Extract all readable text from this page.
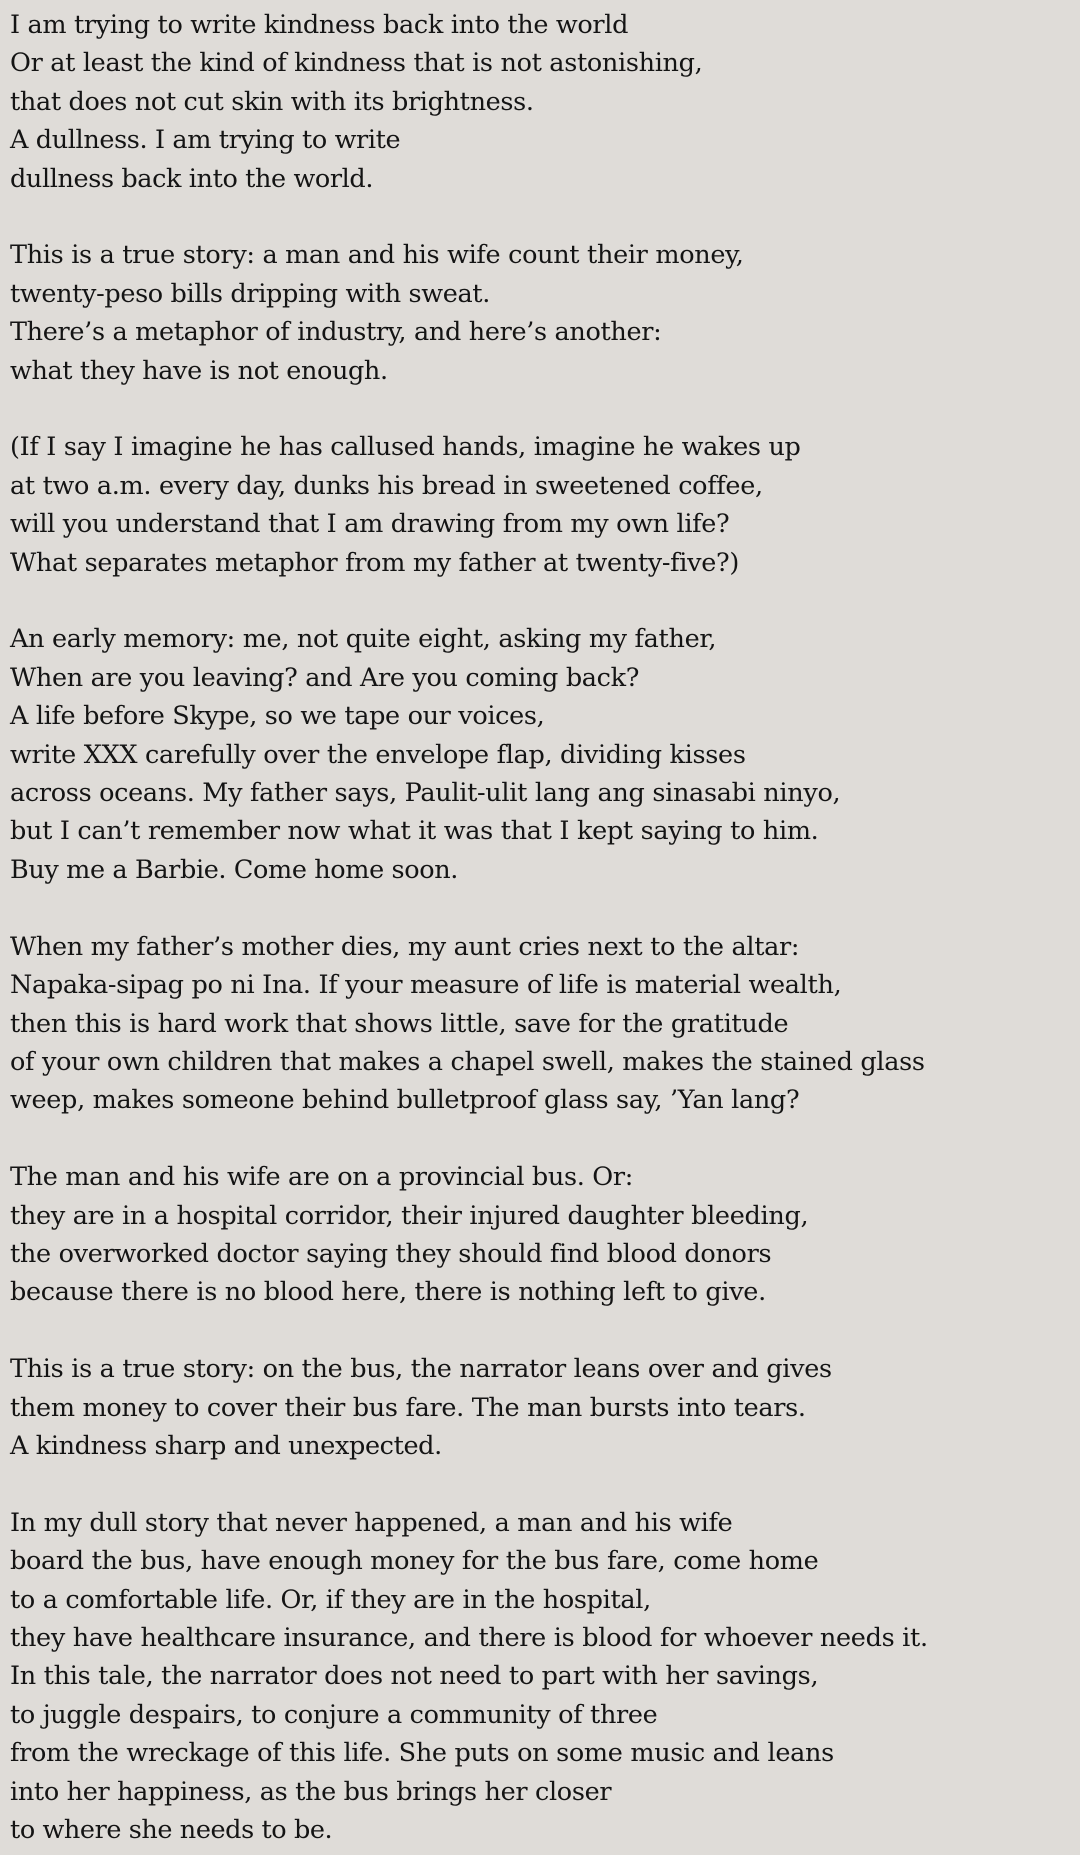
I am trying to write kindness back into the world
Or at least the kind of kindness that is not astonishing,
that does not cut skin with its brightness.
A dullness. I am trying to write
dullness back into the world.
This is a true story: a man and his wife count their money,
twenty-peso bills dripping with sweat.
There’s a metaphor of industry, and here’s another:
what they have is not enough.
(If I say I imagine he has callused hands, imagine he wakes up
at two a.m. every day, dunks his bread in sweetened coffee,
will you understand that I am drawing from my own life?
What separates metaphor from my father at twenty-five?)
An early memory: me, not quite eight, asking my father,
When are you leaving? and Are you coming back?
A life before Skype, so we tape our voices,
write XXX carefully over the envelope flap, dividing kisses
across oceans. My father says, Paulit-ulit lang ang sinasabi ninyo,
but I can’t remember now what it was that I kept saying to him.
Buy me a Barbie. Come home soon.
When my father’s mother dies, my aunt cries next to the altar:
Napaka-sipag po ni Ina. If your measure of life is material wealth,
then this is hard work that shows little, save for the gratitude
of your own children that makes a chapel swell, makes the stained glass
weep, makes someone behind bulletproof glass say, ’Yan lang?
The man and his wife are on a provincial bus. Or:
they are in a hospital corridor, their injured daughter bleeding,
the overworked doctor saying they should find blood donors
because there is no blood here, there is nothing left to give.
This is a true story: on the bus, the narrator leans over and gives
them money to cover their bus fare. The man bursts into tears.
A kindness sharp and unexpected.
In my dull story that never happened, a man and his wife
board the bus, have enough money for the bus fare, come home
to a comfortable life. Or, if they are in the hospital,
they have healthcare insurance, and there is blood for whoever needs it.
In this tale, the narrator does not need to part with her savings,
to juggle despairs, to conjure a community of three
from the wreckage of this life. She puts on some music and leans
into her happiness, as the bus brings her closer
to where she needs to be.
